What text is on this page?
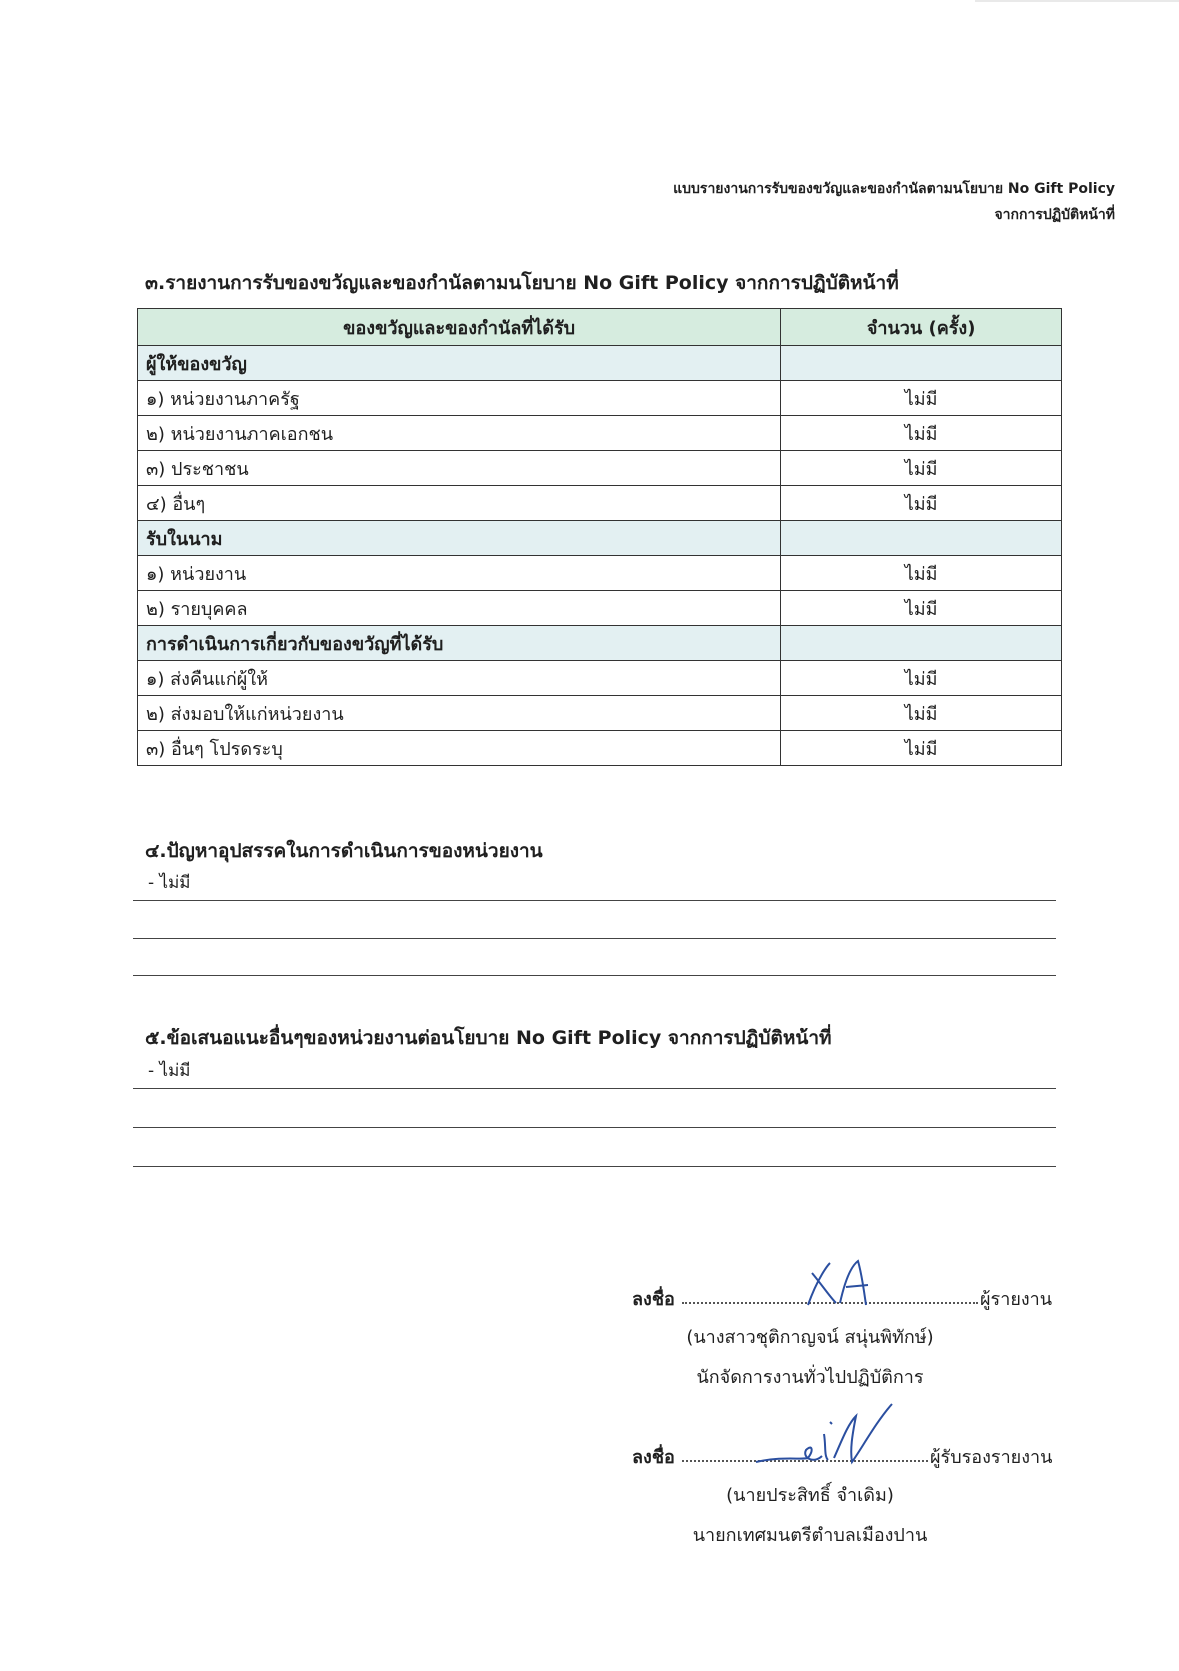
แบบรายงานการรับของขวัญและของกำนัลตามนโยบาย No Gift Policy
จากการปฏิบัติหน้าที่
๓.รายงานการรับของขวัญและของกำนัลตามนโยบาย No Gift Policy จากการปฏิบัติหน้าที่
ของขวัญและของกำนัลที่ได้รับ	จำนวน (ครั้ง)
ผู้ให้ของขวัญ	
๑) หน่วยงานภาครัฐ	ไม่มี
๒) หน่วยงานภาคเอกชน	ไม่มี
๓) ประชาชน	ไม่มี
๔) อื่นๆ	ไม่มี
รับในนาม	
๑) หน่วยงาน	ไม่มี
๒) รายบุคคล	ไม่มี
การดำเนินการเกี่ยวกับของขวัญที่ได้รับ	
๑) ส่งคืนแก่ผู้ให้	ไม่มี
๒) ส่งมอบให้แก่หน่วยงาน	ไม่มี
๓) อื่นๆ โปรดระบุ	ไม่มี
๔.ปัญหาอุปสรรคในการดำเนินการของหน่วยงาน
- ไม่มี
๕.ข้อเสนอแนะอื่นๆของหน่วยงานต่อนโยบาย No Gift Policy จากการปฏิบัติหน้าที่
- ไม่มี
ลงชื่อ	ผู้รายงาน
(นางสาวชุติกาญจน์ สนุ่นพิทักษ์)
นักจัดการงานทั่วไปปฏิบัติการ
ลงชื่อ	ผู้รับรองรายงาน
(นายประสิทธิ์ จำเดิม)
นายกเทศมนตรีตำบลเมืองปาน
